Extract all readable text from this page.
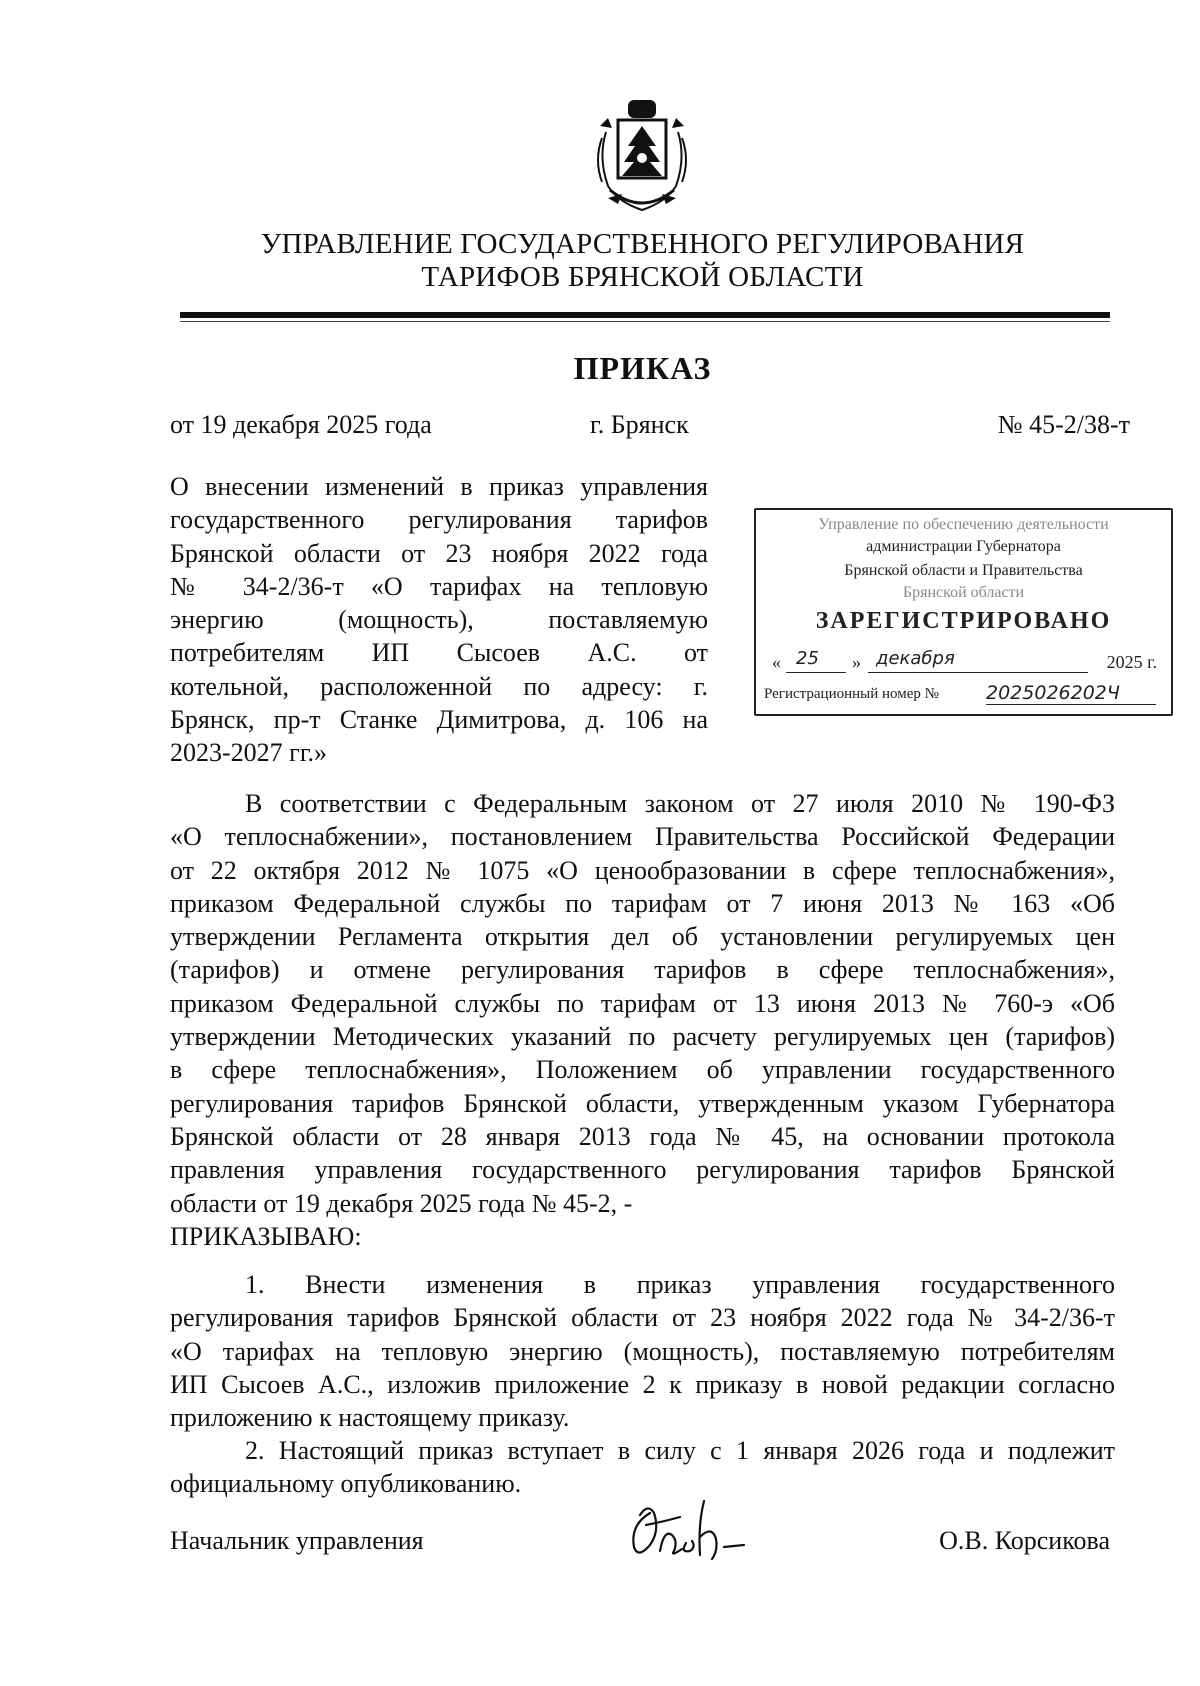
УПРАВЛЕНИЕ ГОСУДАРСТВЕННОГО РЕГУЛИРОВАНИЯ
ТАРИФОВ БРЯНСКОЙ ОБЛАСТИ
ПРИКАЗ
от 19 декабря 2025 года	г. Брянск	№ 45-2/38-т
О внесении изменений в приказ управления
государственного регулирования тарифов
Брянской области от 23 ноября 2022 года
№ 34-2/36-т «О тарифах на тепловую
энергию (мощность), поставляемую
потребителям ИП Сысоев А.С. от
котельной, расположенной по адресу: г.
Брянск, пр-т Станке Димитрова, д. 106 на
2023-2027 гг.»
Управление по обеспечению деятельности
администрации Губернатора
Брянской области и Правительства
Брянской области
ЗАРЕГИСТРИРОВАНО
« 25 » декабря	2025 г.
Регистрационный номер № 2025026202Ч
В соответствии с Федеральным законом от 27 июля 2010 № 190-ФЗ
«О теплоснабжении», постановлением Правительства Российской Федерации
от 22 октября 2012 № 1075 «О ценообразовании в сфере теплоснабжения»,
приказом Федеральной службы по тарифам от 7 июня 2013 № 163 «Об
утверждении Регламента открытия дел об установлении регулируемых цен
(тарифов) и отмене регулирования тарифов в сфере теплоснабжения»,
приказом Федеральной службы по тарифам от 13 июня 2013 № 760-э «Об
утверждении Методических указаний по расчету регулируемых цен (тарифов)
в сфере теплоснабжения», Положением об управлении государственного
регулирования тарифов Брянской области, утвержденным указом Губернатора
Брянской области от 28 января 2013 года № 45, на основании протокола
правления управления государственного регулирования тарифов Брянской
области от 19 декабря 2025 года № 45-2, -
ПРИКАЗЫВАЮ:
1. Внести изменения в приказ управления государственного
регулирования тарифов Брянской области от 23 ноября 2022 года № 34-2/36-т
«О тарифах на тепловую энергию (мощность), поставляемую потребителям
ИП Сысоев А.С., изложив приложение 2 к приказу в новой редакции согласно
приложению к настоящему приказу.
2. Настоящий приказ вступает в силу с 1 января 2026 года и подлежит
официальному опубликованию.
Начальник управления	О.В. Корсикова
